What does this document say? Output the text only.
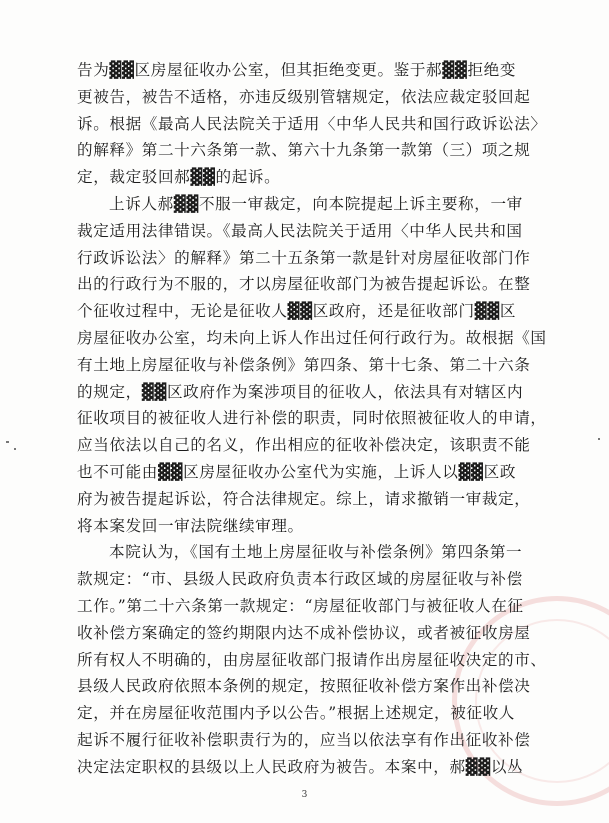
告为▓▓区房屋征收办公室，但其拒绝变更。鉴于郝▓▓拒绝变
更被告，被告不适格，亦违反级别管辖规定，依法应裁定驳回起
诉。根据《最高人民法院关于适用〈中华人民共和国行政诉讼法〉
的解释》第二十六条第一款、第六十九条第一款第（三）项之规
定，裁定驳回郝▓▓的起诉。
上诉人郝▓▓不服一审裁定，向本院提起上诉主要称，一审
裁定适用法律错误。《最高人民法院关于适用〈中华人民共和国
行政诉讼法〉的解释》第二十五条第一款是针对房屋征收部门作
出的行政行为不服的，才以房屋征收部门为被告提起诉讼。在整
个征收过程中，无论是征收人▓▓区政府，还是征收部门▓▓区
房屋征收办公室，均未向上诉人作出过任何行政行为。故根据《国
有土地上房屋征收与补偿条例》第四条、第十七条、第二十六条
的规定，▓▓区政府作为案涉项目的征收人，依法具有对辖区内
征收项目的被征收人进行补偿的职责，同时依照被征收人的申请，
应当依法以自己的名义，作出相应的征收补偿决定，该职责不能
也不可能由▓▓区房屋征收办公室代为实施，上诉人以▓▓区政
府为被告提起诉讼，符合法律规定。综上，请求撤销一审裁定，
将本案发回一审法院继续审理。
本院认为，《国有土地上房屋征收与补偿条例》第四条第一
款规定：“市、县级人民政府负责本行政区域的房屋征收与补偿
工作。”第二十六条第一款规定：“房屋征收部门与被征收人在征
收补偿方案确定的签约期限内达不成补偿协议，或者被征收房屋
所有权人不明确的，由房屋征收部门报请作出房屋征收决定的市、
县级人民政府依照本条例的规定，按照征收补偿方案作出补偿决
定，并在房屋征收范围内予以公告。”根据上述规定，被征收人
起诉不履行征收补偿职责行为的，应当以依法享有作出征收补偿
决定法定职权的县级以上人民政府为被告。本案中，郝▓▓以丛
3
